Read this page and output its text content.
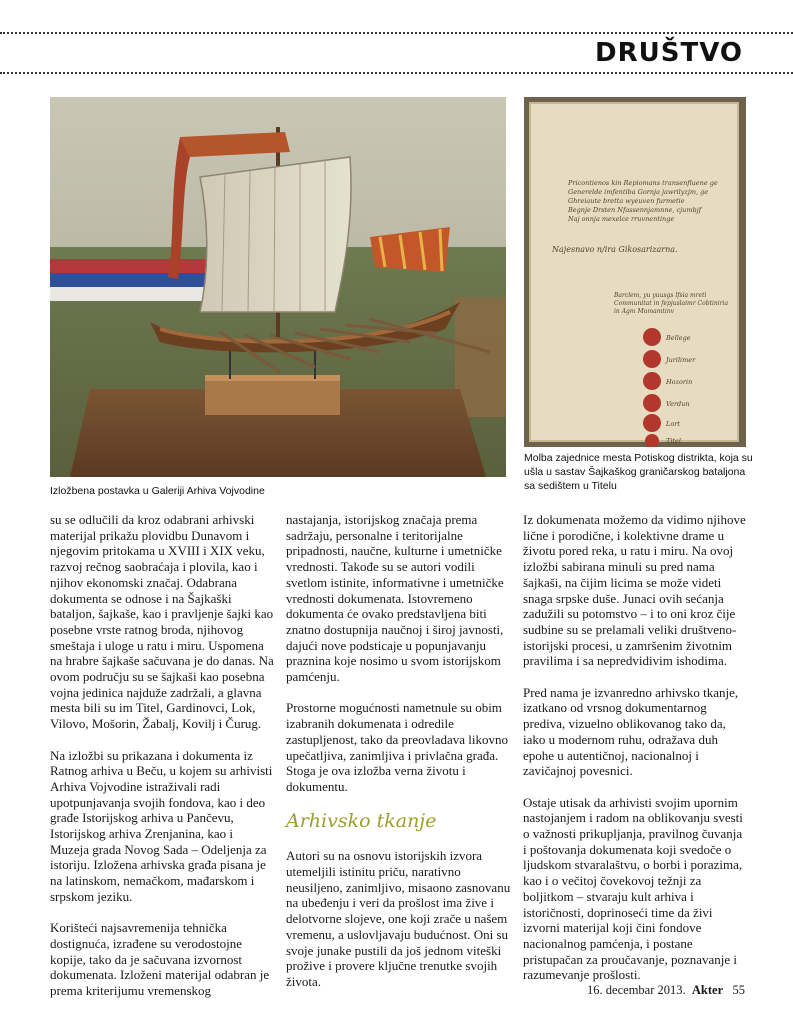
DRUŠTVO
Pricontienos kin Repiomans transenfluene ge
Generelde imfentiba Gornja jawrilyzjm, ge
Ghreiaute bretta wyeuven furmetie
Begnje Drsten Nfassennjamnne, cjumbjf
Naj onnja mexelce rruvnentinge
Najesnavo n/ira Gikosarizarna.
Barclem, yu yuusgs lfsia mreti
Communitat in fepjuslaimr Cobtiniria
in Agm Mumamtinv
Bellege
Jurilimer
Hozorin
Verdun
Lort
Titel
Molba zajednice mesta Potiskog distrikta, koja su ušla u sastav Šajkaškog graničarskog bataljona sa sedištem u Titelu
Izložbena postavka u Galeriji Arhiva Vojvodine

su se odlučili da kroz odabrani arhivski materijal prikažu plovidbu Dunavom i njegovim pritokama u XVIII i XIX veku, razvoj rečnog saobraćaja i plovila, kao i njihov ekonomski značaj. Odabrana dokumenta se odnose i na Šajkaški bataljon, šajkaše, kao i pravljenje šajki kao posebne vrste ratnog broda, njihovog smeštaja i uloge u ratu i miru. Uspomena na hrabre šajkaše sačuvana je do danas. Na ovom području su se šajkaši kao posebna vojna jedinica najduže zadržali, a glavna mesta bili su im Titel, Gardinovci, Lok, Vilovo, Mošorin, Žabalj, Kovilj i Čurug.

Na izložbi su prikazana i dokumenta iz Ratnog arhiva u Beču, u kojem su arhivisti Arhiva Vojvodine istraživali radi upotpunjavanja svojih fondova, kao i deo građe Istorijskog arhiva u Pančevu, Istorijskog arhiva Zrenjanina, kao i Muzeja grada Novog Sada – Odeljenja za istoriju. Izložena arhivska građa pisana je na latinskom, nemačkom, mađarskom i srpskom jeziku.

Korišteći najsavremenija tehnička dostignuća, izrađene su verodostojne kopije, tako da je sačuvana izvornost dokumenata. Izloženi materijal odabran je prema kriterijumu vremenskog

nastajanja, istorijskog značaja prema sadržaju, personalne i teritorijalne pripadnosti, naučne, kulturne i umetničke vrednosti. Takođe su se autori vodili svetlom istinite, informativne i umetničke vrednosti dokumenata. Istovremeno dokumenta će ovako predstavljena biti znatno dostupnija naučnoj i široj javnosti, dajući nove podsticaje u popunjavanju praznina koje nosimo u svom istorijskom pamćenju.

Prostorne mogućnosti nametnule su obim izabranih dokumenata i odredile zastupljenost, tako da preovladava likovno upečatljiva, zanimljiva i privlačna građa. Stoga je ova izložba verna životu i dokumentu.

Arhivsko tkanje

Autori su na osnovu istorijskih izvora utemeljili istinitu priču, narativno neusiljeno, zanimljivo, misaono zasnovanu na ubeđenju i veri da prošlost ima žive i delotvorne slojeve, one koji zrače u našem vremenu, a uslovljavaju budućnost. Oni su svoje junake pustili da još jednom viteški prožive i provere ključne trenutke svojih života.

Iz dokumenata možemo da vidimo njihove lične i porodične, i kolektivne drame u životu pored reka, u ratu i miru. Na ovoj izložbi sabirana minuli su pred nama šajkaši, na čijim licima se može videti snaga srpske duše. Junaci ovih sećanja zadužili su potomstvo – i to oni kroz čije sudbine su se prelamali veliki društveno-istorijski procesi, u zamršenim životnim pravilima i sa nepredvidivim ishodima.

Pred nama je izvanredno arhivsko tkanje, izatkano od vrsnog dokumentarnog prediva, vizuelno oblikovanog tako da, iako u modernom ruhu, odražava duh epohe u autentičnoj, nacionalnoj i zavičajnoj povesnici.

Ostaje utisak da arhivisti svojim upornim nastojanjem i radom na oblikovanju svesti o važnosti prikupljanja, pravilnog čuvanja i poštovanja dokumenata koji svedoče o ljudskom stvaralaštvu, o borbi i porazima, kao i o večitoj čovekovoj težnji za boljitkom – stvaraju kult arhiva i istoričnosti, doprinoseći time da živi izvorni materijal koji čini fondove nacionalnog pamćenja, i postane pristupačan za proučavanje, poznavanje i razumevanje prošlosti.

16. decembar 2013. Akter 55
